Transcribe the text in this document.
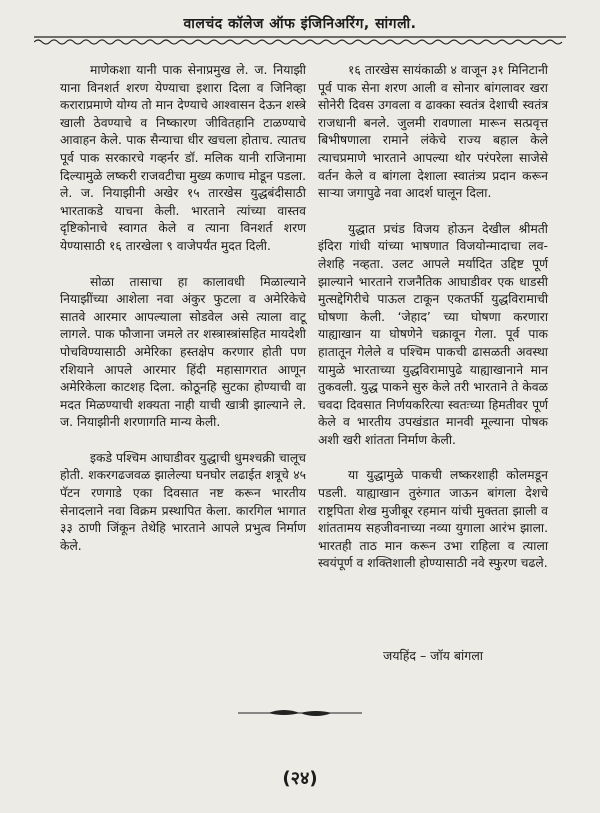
वालचंद कॉलेज ऑफ इंजिनिअरिंग, सांगली.

माणेकशा यानी पाक सेनाप्रमुख ले. ज. नियाझी याना विनशर्त शरण येण्याचा इशारा दिला व जिनिव्हा कराराप्रमाणे योग्य तो मान देण्याचे आश्वासन देऊन शस्त्रे खाली ठेवण्याचे व निष्कारण जीवितहानि टाळण्याचे आवाहन केले. पाक सैन्याचा धीर खचला होताच. त्यातच पूर्व पाक सरकारचे गव्हर्नर डॉ. मलिक यानी राजिनामा दिल्यामुळे लष्करी राजवटीचा मुख्य कणाच मोडून पडला. ले. ज. नियाझीनी अखेर १५ तारखेस युद्धबंदीसाठी भारताकडे याचना केली. भारताने त्यांच्या वास्तव दृष्टिकोनाचे स्वागत केले व त्याना विनशर्त शरण येण्यासाठी १६ तारखेला ९ वाजेपर्यंत मुदत दिली.

सोळा तासाचा हा कालावधी मिळाल्याने नियाझींच्या आशेला नवा अंकुर फुटला व अमेरिकेचे सातवे आरमार आपल्याला सोडवेल असे त्याला वाटू लागले. पाक फौजाना जमले तर शस्त्रास्त्रांसहित मायदेशी पोचविण्यासाठी अमेरिका हस्तक्षेप करणार होती पण रशियाने आपले आरमार हिंदी महासागरात आणून अमेरिकेला काटशह दिला. कोठूनहि सुटका होण्याची वा मदत मिळण्याची शक्यता नाही याची खात्री झाल्याने ले. ज. नियाझीनी शरणागति मान्य केली.

इकडे पश्चिम आघाडीवर युद्धाची धुमश्चक्री चालूच होती. शकरगढजवळ झालेल्या घनघोर लढाईत शत्रूचे ४५ पॅटन रणगाडे एका दिवसात नष्ट करून भारतीय सेनादलाने नवा विक्रम प्रस्थापित केला. कारगिल भागात ३३ ठाणी जिंकून तेथेहि भारताने आपले प्रभुत्व निर्माण केले.

१६ तारखेस सायंकाळी ४ वाजून ३१ मिनिटानी पूर्व पाक सेना शरण आली व सोनार बांगलावर खरा सोनेरी दिवस उगवला व ढाक्का स्वतंत्र देशाची स्वतंत्र राजधानी बनले. जुलमी रावणाला मारून सत्प्रवृत्त बिभीषणाला रामाने लंकेचे राज्य बहाल केले त्याचप्रमाणे भारताने आपल्या थोर परंपरेला साजेसे वर्तन केले व बांगला देशाला स्वातंत्र्य प्रदान करून साऱ्या जगापुढे नवा आदर्श घालून दिला.

युद्धात प्रचंड विजय होऊन देखील श्रीमती इंदिरा गांधी यांच्या भाषणात विजयोन्मादाचा लव-लेशहि नव्हता. उलट आपले मर्यादित उद्दिष्ट पूर्ण झाल्याने भारताने राजनैतिक आघाडीवर एक धाडसी मुत्सद्देगिरीचे पाऊल टाकून एकतर्फी युद्धविरामाची घोषणा केली. ‘जेहाद’ च्या घोषणा करणारा याह्याखान या घोषणेने चक्रावून गेला. पूर्व पाक हातातून गेलेले व पश्चिम पाकची ढासळती अवस्था यामुळे भारताच्या युद्धविरामापुढे याह्याखानाने मान तुकवली. युद्ध पाकने सुरु केले तरी भारताने ते केवळ चवदा दिवसात निर्णयकरित्या स्वतःच्या हिमतीवर पूर्ण केले व भारतीय उपखंडात मानवी मूल्याना पोषक अशी खरी शांतता निर्माण केली.

या युद्धामुळे पाकची लष्करशाही कोलमडून पडली. याह्याखान तुरुंगात जाऊन बांगला देशचे राष्ट्रपिता शेख मुजीबूर रहमान यांची मुक्तता झाली व शांततामय सहजीवनाच्या नव्या युगाला आरंभ झाला. भारतही ताठ मान करून उभा राहिला व त्याला स्वयंपूर्ण व शक्तिशाली होण्यासाठी नवे स्फुरण चढले.

जयहिंद – जॉय बांगला
(२४)
